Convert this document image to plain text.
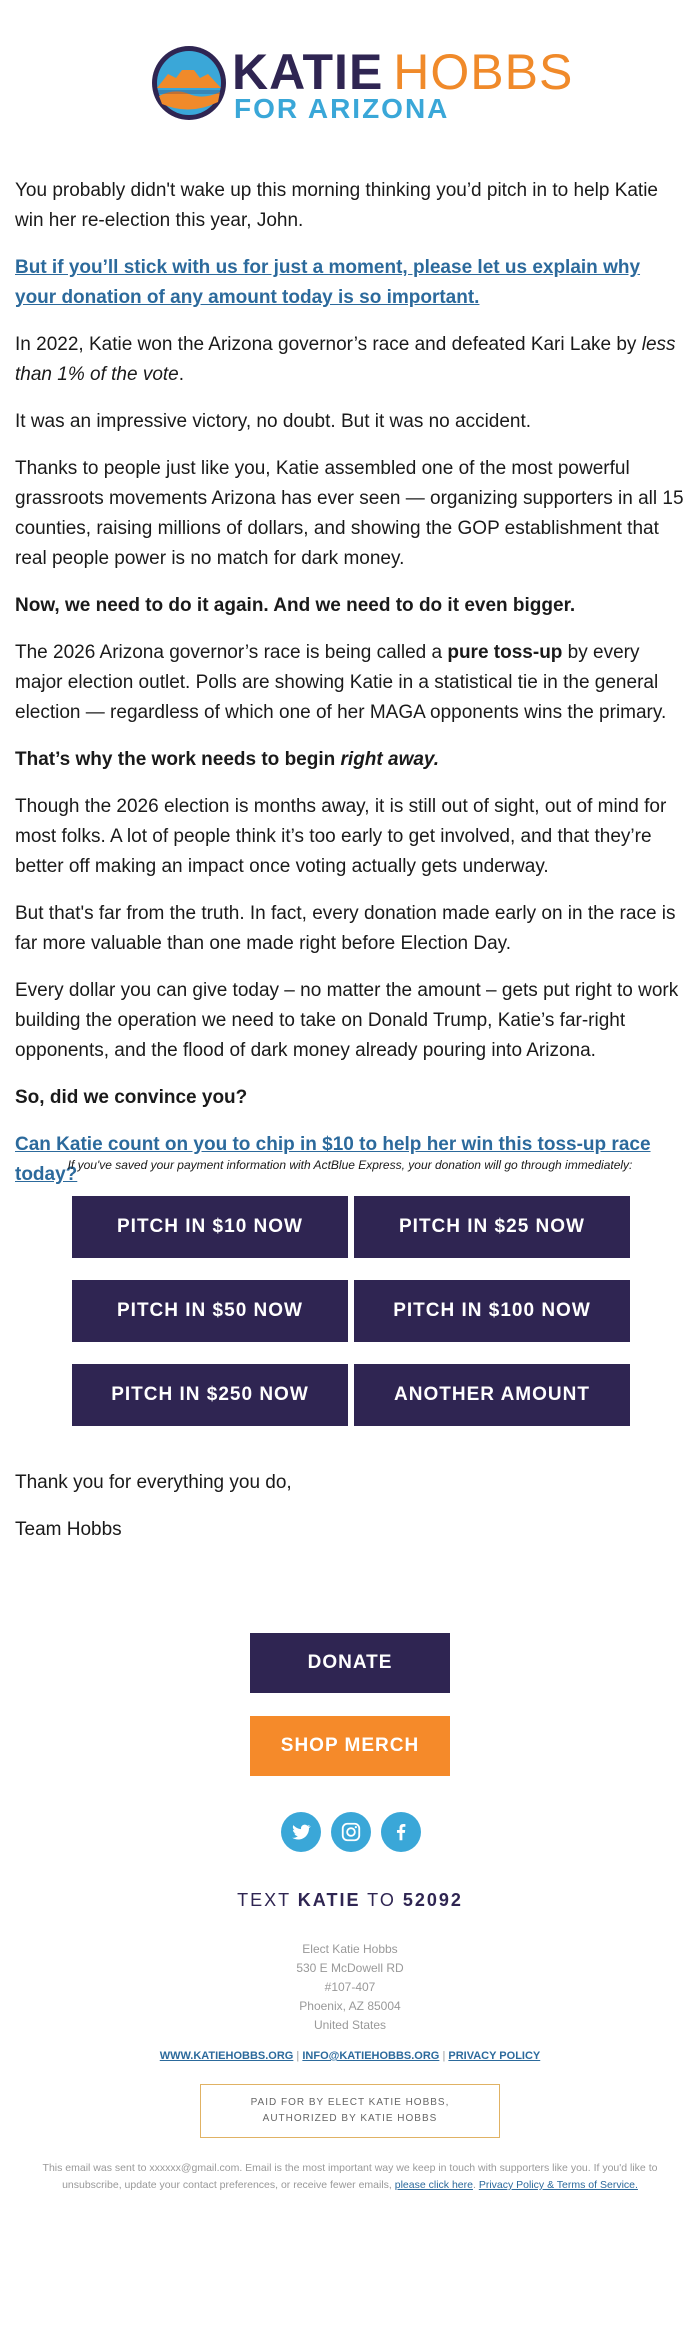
KATIE HOBBS
FOR ARIZONA

You probably didn't wake up this morning thinking you’d pitch in to help Katie win her re-election this year, John.

But if you’ll stick with us for just a moment, please let us explain why your donation of any amount today is so important.

In 2022, Katie won the Arizona governor’s race and defeated Kari Lake by less than 1% of the vote.

It was an impressive victory, no doubt. But it was no accident.

Thanks to people just like you, Katie assembled one of the most powerful grassroots movements Arizona has ever seen — organizing supporters in all 15 counties, raising millions of dollars, and showing the GOP establishment that real people power is no match for dark money.

Now, we need to do it again. And we need to do it even bigger.

The 2026 Arizona governor’s race is being called a pure toss-up by every major election outlet. Polls are showing Katie in a statistical tie in the general election — regardless of which one of her MAGA opponents wins the primary.

That’s why the work needs to begin right away.

Though the 2026 election is months away, it is still out of sight, out of mind for most folks. A lot of people think it’s too early to get involved, and that they’re better off making an impact once voting actually gets underway.

But that's far from the truth. In fact, every donation made early on in the race is far more valuable than one made right before Election Day.

Every dollar you can give today – no matter the amount – gets put right to work building the operation we need to take on Donald Trump, Katie’s far-right opponents, and the flood of dark money already pouring into Arizona.

So, did we convince you?

Can Katie count on you to chip in $10 to help her win this toss-up race today?

If you've saved your payment information with ActBlue Express, your donation will go through immediately:
PITCH IN $10 NOW	PITCH IN $25 NOW
PITCH IN $50 NOW	PITCH IN $100 NOW
PITCH IN $250 NOW	ANOTHER AMOUNT

Thank you for everything you do,

Team Hobbs

DONATE
SHOP MERCH
TEXT KATIE TO 52092
Elect Katie Hobbs
530 E McDowell RD
#107-407
Phoenix, AZ 85004
United States
WWW.KATIEHOBBS.ORG | INFO@KATIEHOBBS.ORG | PRIVACY POLICY
PAID FOR BY ELECT KATIE HOBBS,
AUTHORIZED BY KATIE HOBBS
This email was sent to xxxxxx@gmail.com. Email is the most important way we keep in touch with supporters like you. If you'd like to unsubscribe, update your contact preferences, or receive fewer emails, please click here. Privacy Policy & Terms of Service.
